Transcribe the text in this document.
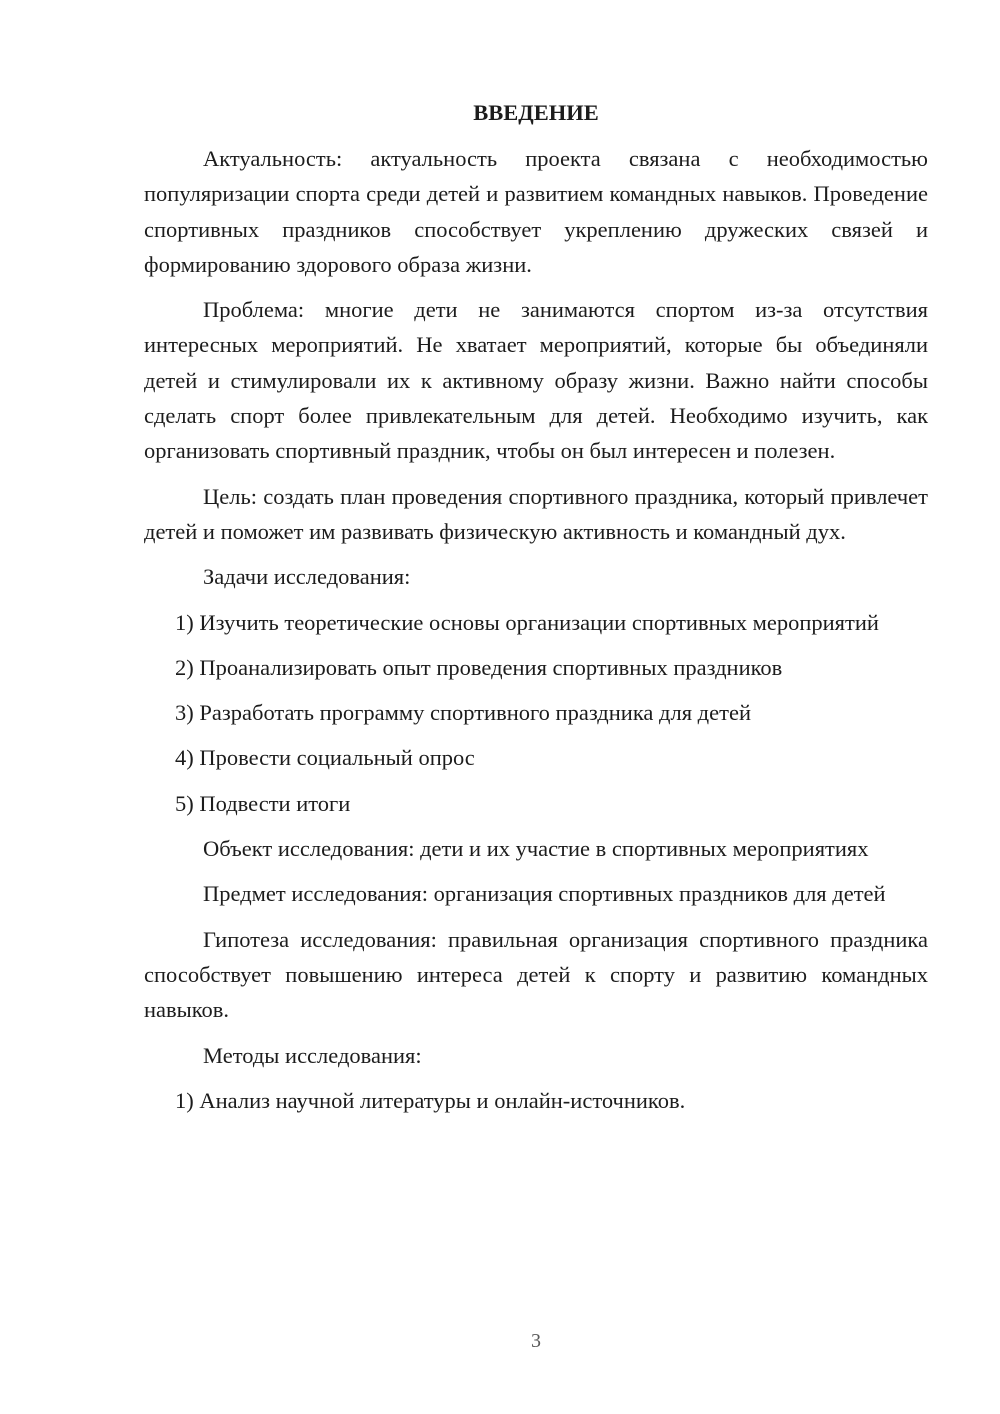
ВВЕДЕНИЕ

Актуальность: актуальность проекта связана с необходимостью популяризации спорта среди детей и развитием командных навыков. Проведение спортивных праздников способствует укреплению дружеских связей и формированию здорового образа жизни.

Проблема: многие дети не занимаются спортом из-за отсутствия интересных мероприятий. Не хватает мероприятий, которые бы объединяли детей и стимулировали их к активному образу жизни. Важно найти способы сделать спорт более привлекательным для детей. Необходимо изучить, как организовать спортивный праздник, чтобы он был интересен и полезен.

Цель: создать план проведения спортивного праздника, который привлечет детей и поможет им развивать физическую активность и командный дух.

Задачи исследования:

1) Изучить теоретические основы организации спортивных мероприятий

2) Проанализировать опыт проведения спортивных праздников

3) Разработать программу спортивного праздника для детей

4) Провести социальный опрос

5) Подвести итоги

Объект исследования: дети и их участие в спортивных мероприятиях

Предмет исследования: организация спортивных праздников для детей

Гипотеза исследования: правильная организация спортивного праздника способствует повышению интереса детей к спорту и развитию командных навыков.

Методы исследования:

1) Анализ научной литературы и онлайн-источников.

3
